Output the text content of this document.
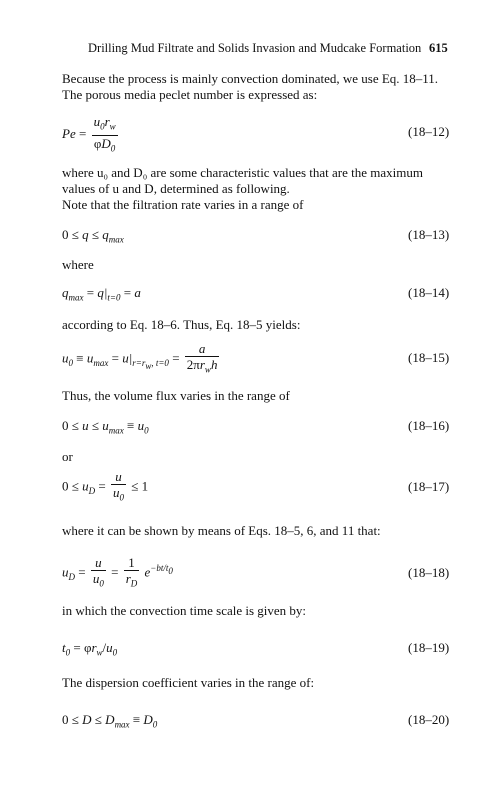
Drilling Mud Filtrate and Solids Invasion and Mudcake Formation 615
Because the process is mainly convection dominated, we use Eq. 18–11.
The porous media peclet number is expressed as:
$Pe = \frac{u_0r_w}{\varphi D_0}$	(18–12)
where u₀ and D₀ are some characteristic values that are the maximum
values of u and D, determined as following.
Note that the filtration rate varies in a range of
$0 \le q \le q_{max}$	(18–13)
where
$q_{max} = q|_{t=0} = a$	(18–14)
according to Eq. 18–6. Thus, Eq. 18–5 yields:
$u_0 \equiv u_{max} = u|_{r=r_w, t=0} = \frac{a}{2\pi r_wh}$	(18–15)
Thus, the volume flux varies in the range of
$0 \le u \le u_{max} \equiv u_0$	(18–16)
or
$0 \le u_D = \frac{u}{u_0} \le 1$	(18–17)
where it can be shown by means of Eqs. 18–5, 6, and 11 that:
$u_D = \frac{u}{u_0} = \frac{1}{r_D} e^{-bt/t_0}$	(18–18)
in which the convection time scale is given by:
$t_0 = \varphi r_w/u_0$	(18–19)
The dispersion coefficient varies in the range of:
$0 \le D \le D_{max} \equiv D_0$	(18–20)
